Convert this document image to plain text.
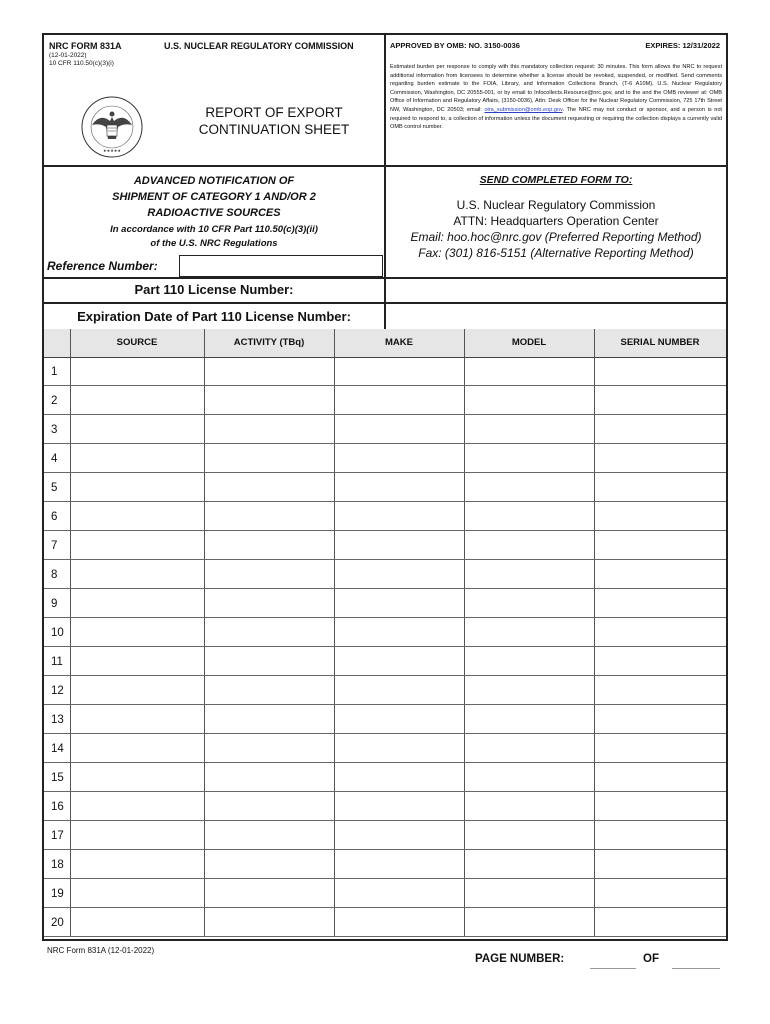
NRC FORM 831A
(12-01-2022)
10 CFR 110.50(c)(3)(i)
U.S. NUCLEAR REGULATORY COMMISSION
★★★★★
REPORT OF EXPORT
CONTINUATION SHEET
APPROVED BY OMB: NO. 3150-0036	EXPIRES: 12/31/2022
Estimated burden per response to comply with this mandatory collection request: 30 minutes. This form allows the NRC to request additional information from licensees to determine whether a license should be revoked, suspended, or modified. Send comments regarding burden estimate to the FOIA, Library, and Information Collections Branch, (T-6 A10M), U.S. Nuclear Regulatory Commission, Washington, DC 20555-001, or by email to Infocollects.Resource@nrc.gov, and to the and the OMB reviewer at: OMB Office of Information and Regulatory Affairs, (3150-0036), Attn: Desk Officer for the Nuclear Regulatory Commission, 725 17th Street NW, Washington, DC 20503; email: oira_submission@omb.eop.gov. The NRC may not conduct or sponsor, and a person is not required to respond to, a collection of information unless the document requesting or requiring the collection displays a currently valid OMB control number.
ADVANCED NOTIFICATION OF
SHIPMENT OF CATEGORY 1 AND/OR 2
RADIOACTIVE SOURCES
In accordance with 10 CFR Part 110.50(c)(3)(ii)
of the U.S. NRC Regulations
Reference Number:
SEND COMPLETED FORM TO:
U.S. Nuclear Regulatory Commission
ATTN: Headquarters Operation Center
Email: hoo.hoc@nrc.gov (Preferred Reporting Method)
Fax: (301) 816-5151 (Alternative Reporting Method)
Part 110 License Number:
Expiration Date of Part 110 License Number:
SOURCE	ACTIVITY (TBq)	MAKE	MODEL	SERIAL NUMBER
1
2
3
4
5
6
7
8
9
10
11
12
13
14
15
16
17
18
19
20
NRC Form 831A (12-01-2022)
PAGE NUMBER:	OF
